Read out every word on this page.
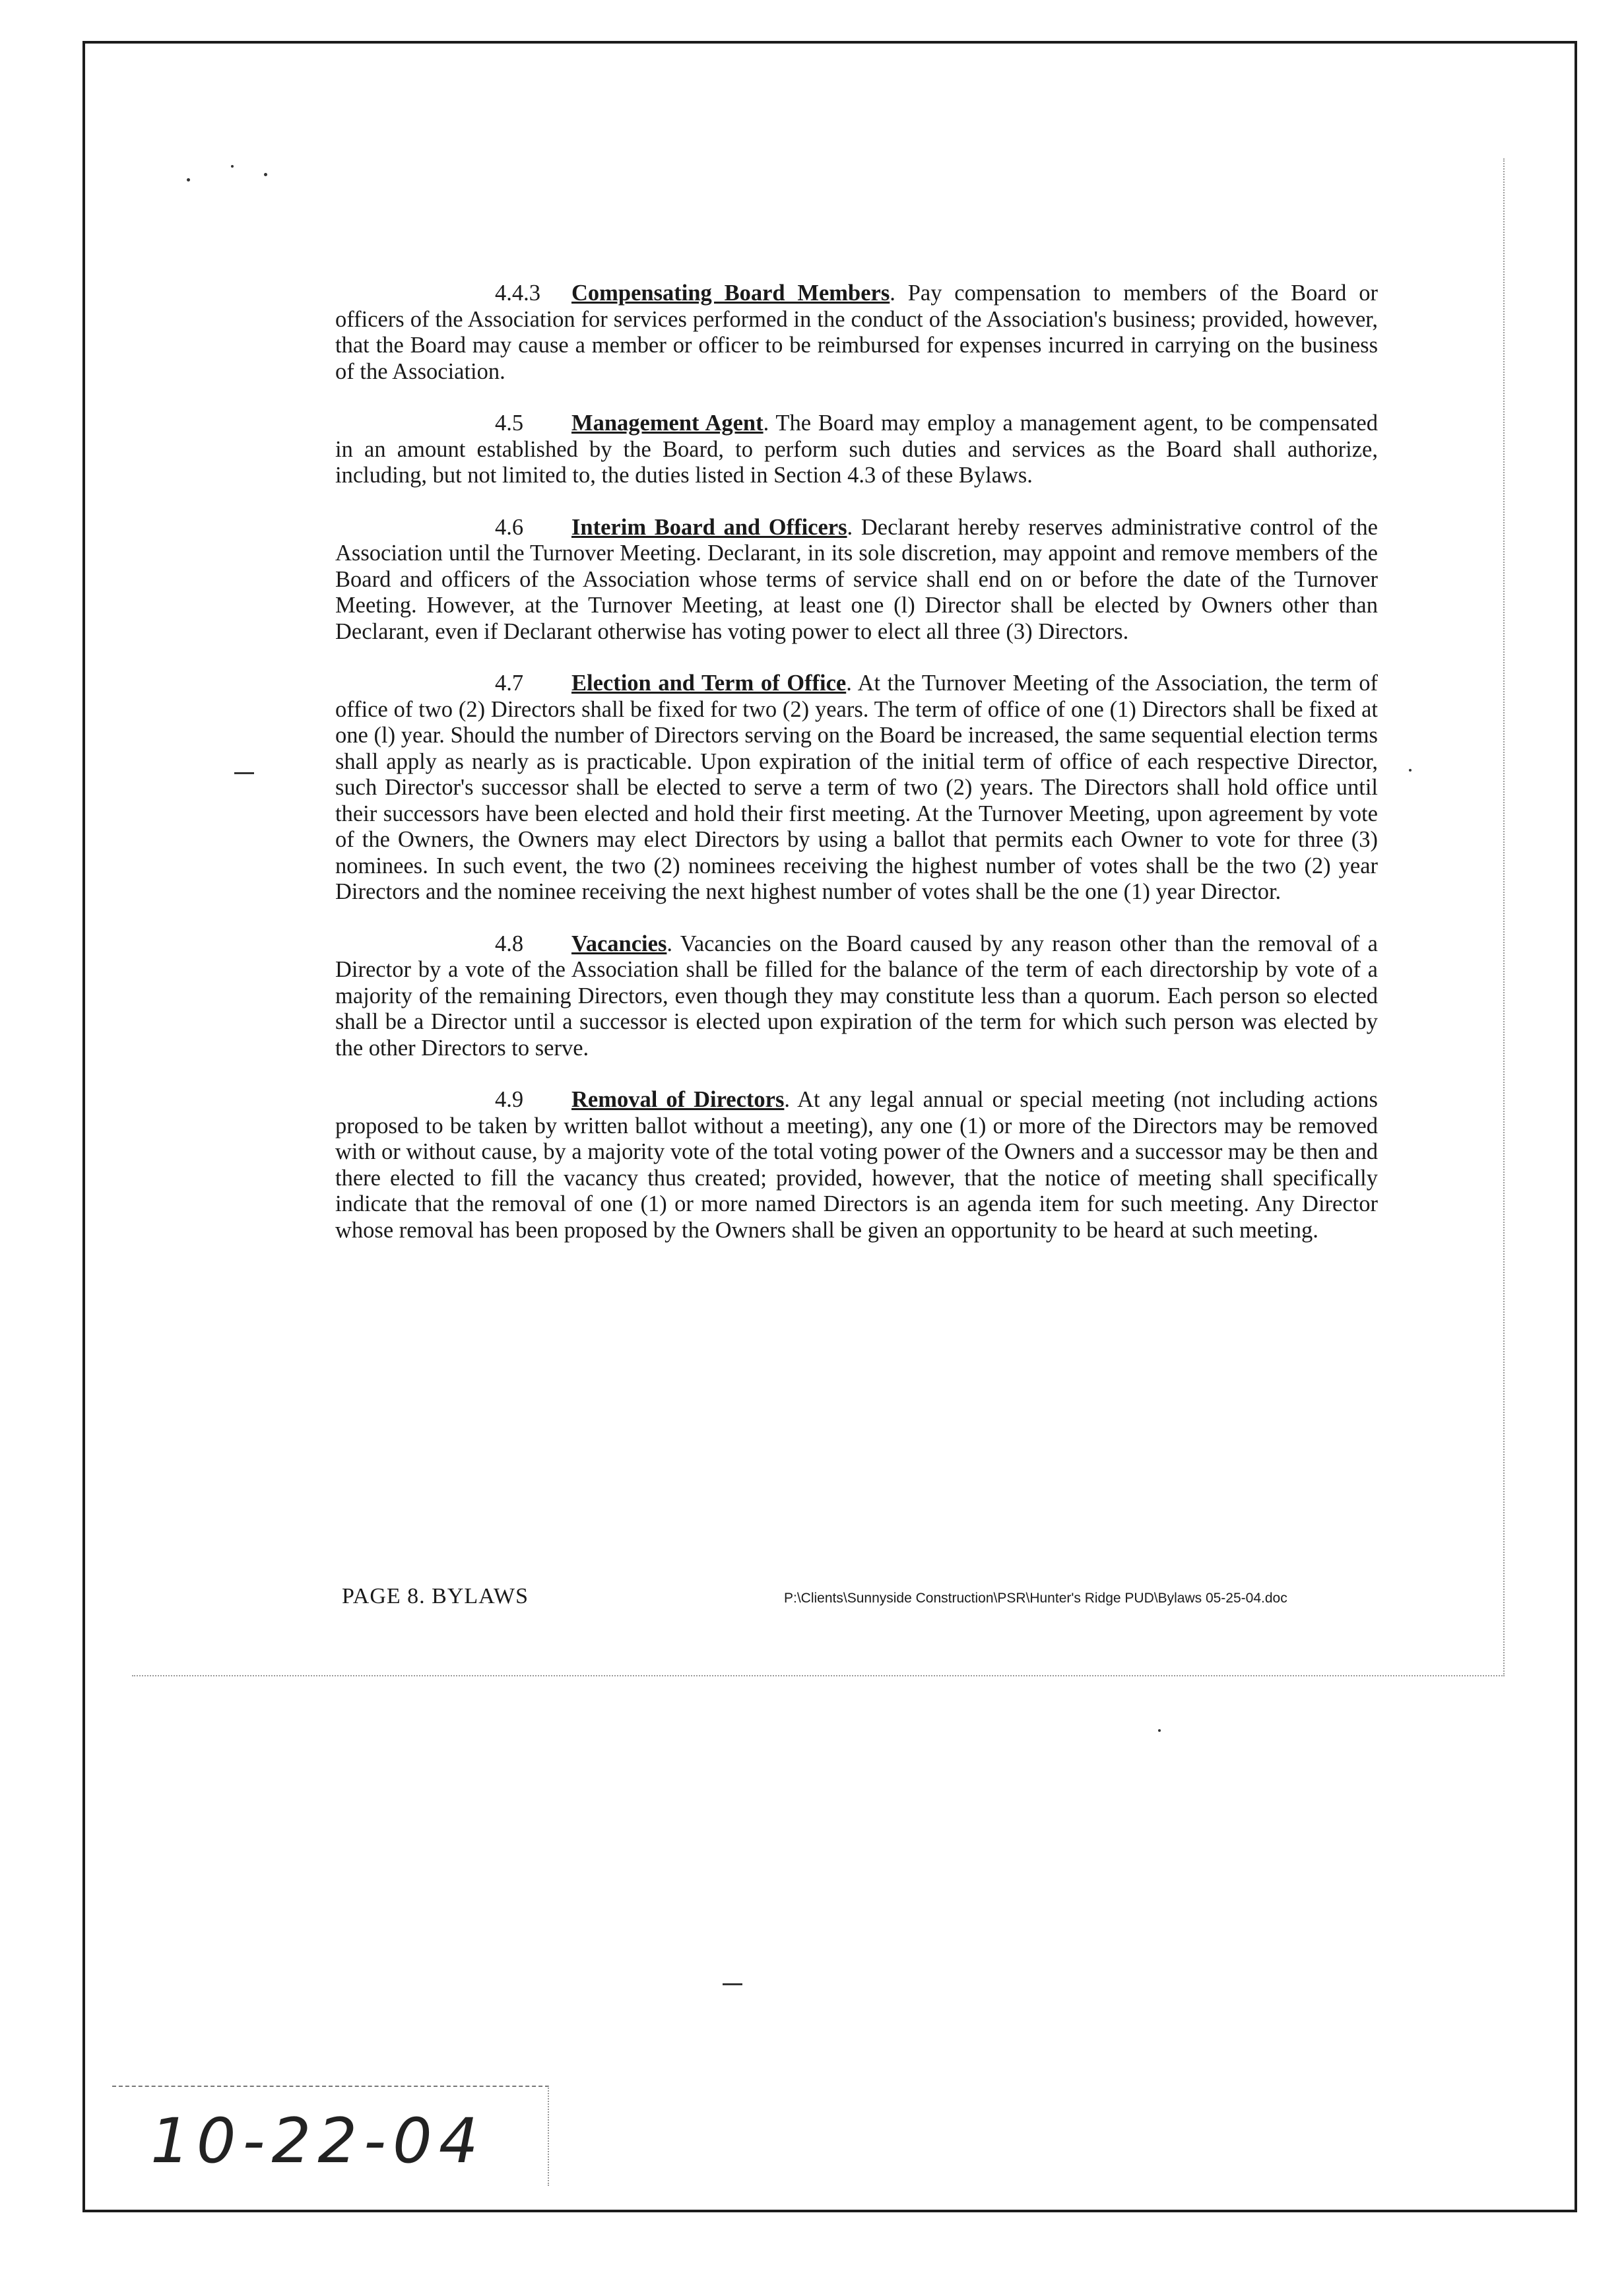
4.4.3 Compensating Board Members. Pay compensation to members of the Board or officers of the Association for services performed in the conduct of the Association's business; provided, however, that the Board may cause a member or officer to be reimbursed for expenses incurred in carrying on the business of the Association.

4.5 Management Agent. The Board may employ a management agent, to be compensated in an amount established by the Board, to perform such duties and services as the Board shall authorize, including, but not limited to, the duties listed in Section 4.3 of these Bylaws.

4.6 Interim Board and Officers. Declarant hereby reserves administrative control of the Association until the Turnover Meeting. Declarant, in its sole discretion, may appoint and remove members of the Board and officers of the Association whose terms of service shall end on or before the date of the Turnover Meeting. However, at the Turnover Meeting, at least one (l) Director shall be elected by Owners other than Declarant, even if Declarant otherwise has voting power to elect all three (3) Directors.

4.7 Election and Term of Office. At the Turnover Meeting of the Association, the term of office of two (2) Directors shall be fixed for two (2) years. The term of office of one (1) Directors shall be fixed at one (l) year. Should the number of Directors serving on the Board be increased, the same sequential election terms shall apply as nearly as is practicable. Upon expiration of the initial term of office of each respective Director, such Director's successor shall be elected to serve a term of two (2) years. The Directors shall hold office until their successors have been elected and hold their first meeting. At the Turnover Meeting, upon agreement by vote of the Owners, the Owners may elect Directors by using a ballot that permits each Owner to vote for three (3) nominees. In such event, the two (2) nominees receiving the highest number of votes shall be the two (2) year Directors and the nominee receiving the next highest number of votes shall be the one (1) year Director.

4.8 Vacancies. Vacancies on the Board caused by any reason other than the removal of a Director by a vote of the Association shall be filled for the balance of the term of each directorship by vote of a majority of the remaining Directors, even though they may constitute less than a quorum. Each person so elected shall be a Director until a successor is elected upon expiration of the term for which such person was elected by the other Directors to serve.

4.9 Removal of Directors. At any legal annual or special meeting (not including actions proposed to be taken by written ballot without a meeting), any one (1) or more of the Directors may be removed with or without cause, by a majority vote of the total voting power of the Owners and a successor may be then and there elected to fill the vacancy thus created; provided, however, that the notice of meeting shall specifically indicate that the removal of one (1) or more named Directors is an agenda item for such meeting. Any Director whose removal has been proposed by the Owners shall be given an opportunity to be heard at such meeting.

PAGE 8. BYLAWS	P:\Clients\Sunnyside Construction\PSR\Hunter's Ridge PUD\Bylaws 05-25-04.doc
10-22-04
